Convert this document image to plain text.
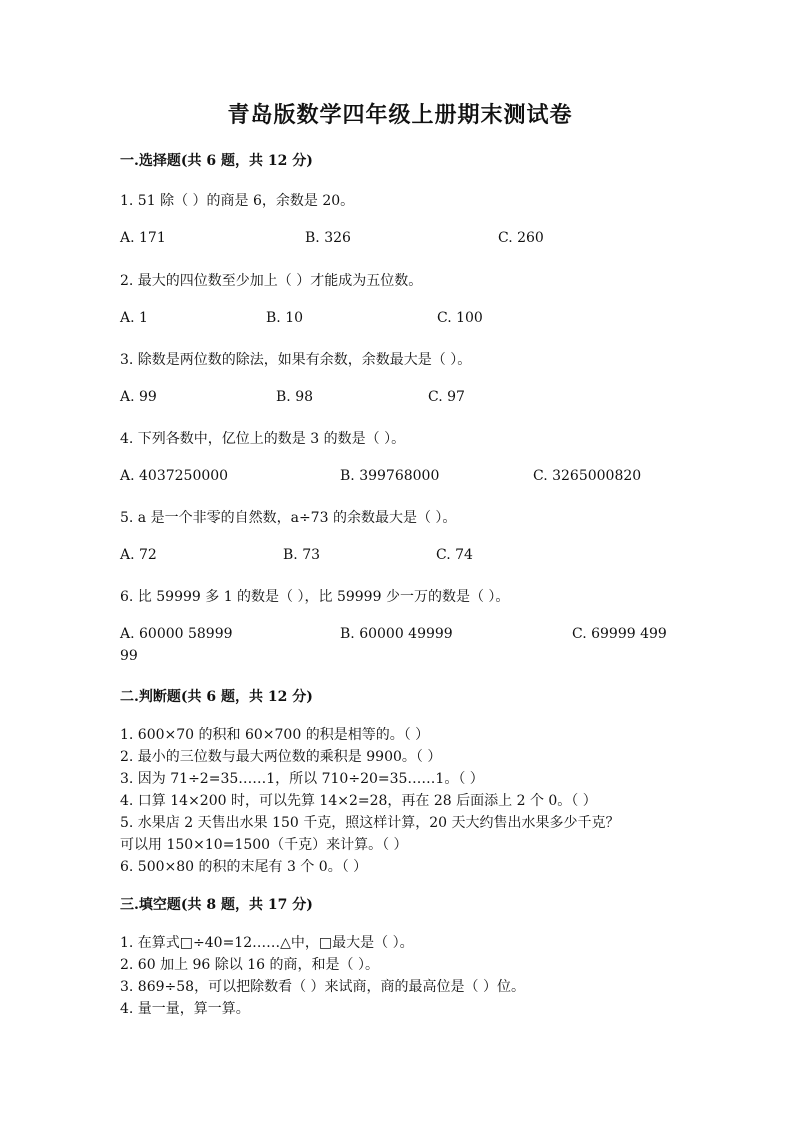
青岛版数学四年级上册期末测试卷
一.选择题(共 6 题，共 12 分)
1. 51 除（ ）的商是 6，余数是 20。
A. 171	B. 326	C. 260
2. 最大的四位数至少加上（ ）才能成为五位数。
A. 1	B. 10	C. 100
3. 除数是两位数的除法，如果有余数，余数最大是（ ）。
A. 99	B. 98	C. 97
4. 下列各数中，亿位上的数是 3 的数是（ ）。
A. 4037250000	B. 399768000	C. 3265000820
5. a 是一个非零的自然数，a÷73 的余数最大是（ ）。
A. 72	B. 73	C. 74
6. 比 59999 多 1 的数是（ ），比 59999 少一万的数是（ ）。
A. 60000 58999	B. 60000 49999	C. 69999 499
99
二.判断题(共 6 题，共 12 分)
1. 600×70 的积和 60×700 的积是相等的。（ ）
2. 最小的三位数与最大两位数的乘积是 9900。（ ）
3. 因为 71÷2=35……1，所以 710÷20=35……1。（ ）
4. 口算 14×200 时，可以先算 14×2=28，再在 28 后面添上 2 个 0。（ ）
5. 水果店 2 天售出水果 150 千克，照这样计算，20 天大约售出水果多少千克？
可以用 150×10=1500（千克）来计算。（ ）
6. 500×80 的积的末尾有 3 个 0。（ ）
三.填空题(共 8 题，共 17 分)
1. 在算式□÷40=12……△中，□最大是（ ）。
2. 60 加上 96 除以 16 的商，和是（ ）。
3. 869÷58，可以把除数看（ ）来试商，商的最高位是（ ）位。
4. 量一量，算一算。
